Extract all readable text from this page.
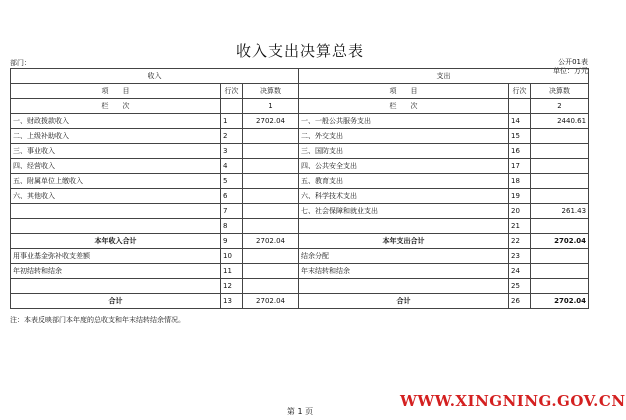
收入支出决算总表
部门：	公开01表
单位：万元
收入			支出		
项　　目	行次	决算数	项　　目	行次	决算数
栏　　次		1	栏　　次		2
一、财政拨款收入	1	2702.04	一、一般公共服务支出	14	2440.61
二、上级补助收入	2		二、外交支出	15	
三、事业收入	3		三、国防支出	16	
四、经营收入	4		四、公共安全支出	17	
五、附属单位上缴收入	5		五、教育支出	18	
六、其他收入	6		六、科学技术支出	19	
	7		七、社会保障和就业支出	20	261.43
	8			21	
本年收入合计	9	2702.04	本年支出合计	22	2702.04
用事业基金弥补收支差额	10		结余分配	23	
年初结转和结余	11		年末结转和结余	24	
	12			25	
合计	13	2702.04	合计	26	2702.04
注：本表反映部门本年度的总收支和年末结转结余情况。
第 1 页
WWW.XINGNING.GOV.CN
